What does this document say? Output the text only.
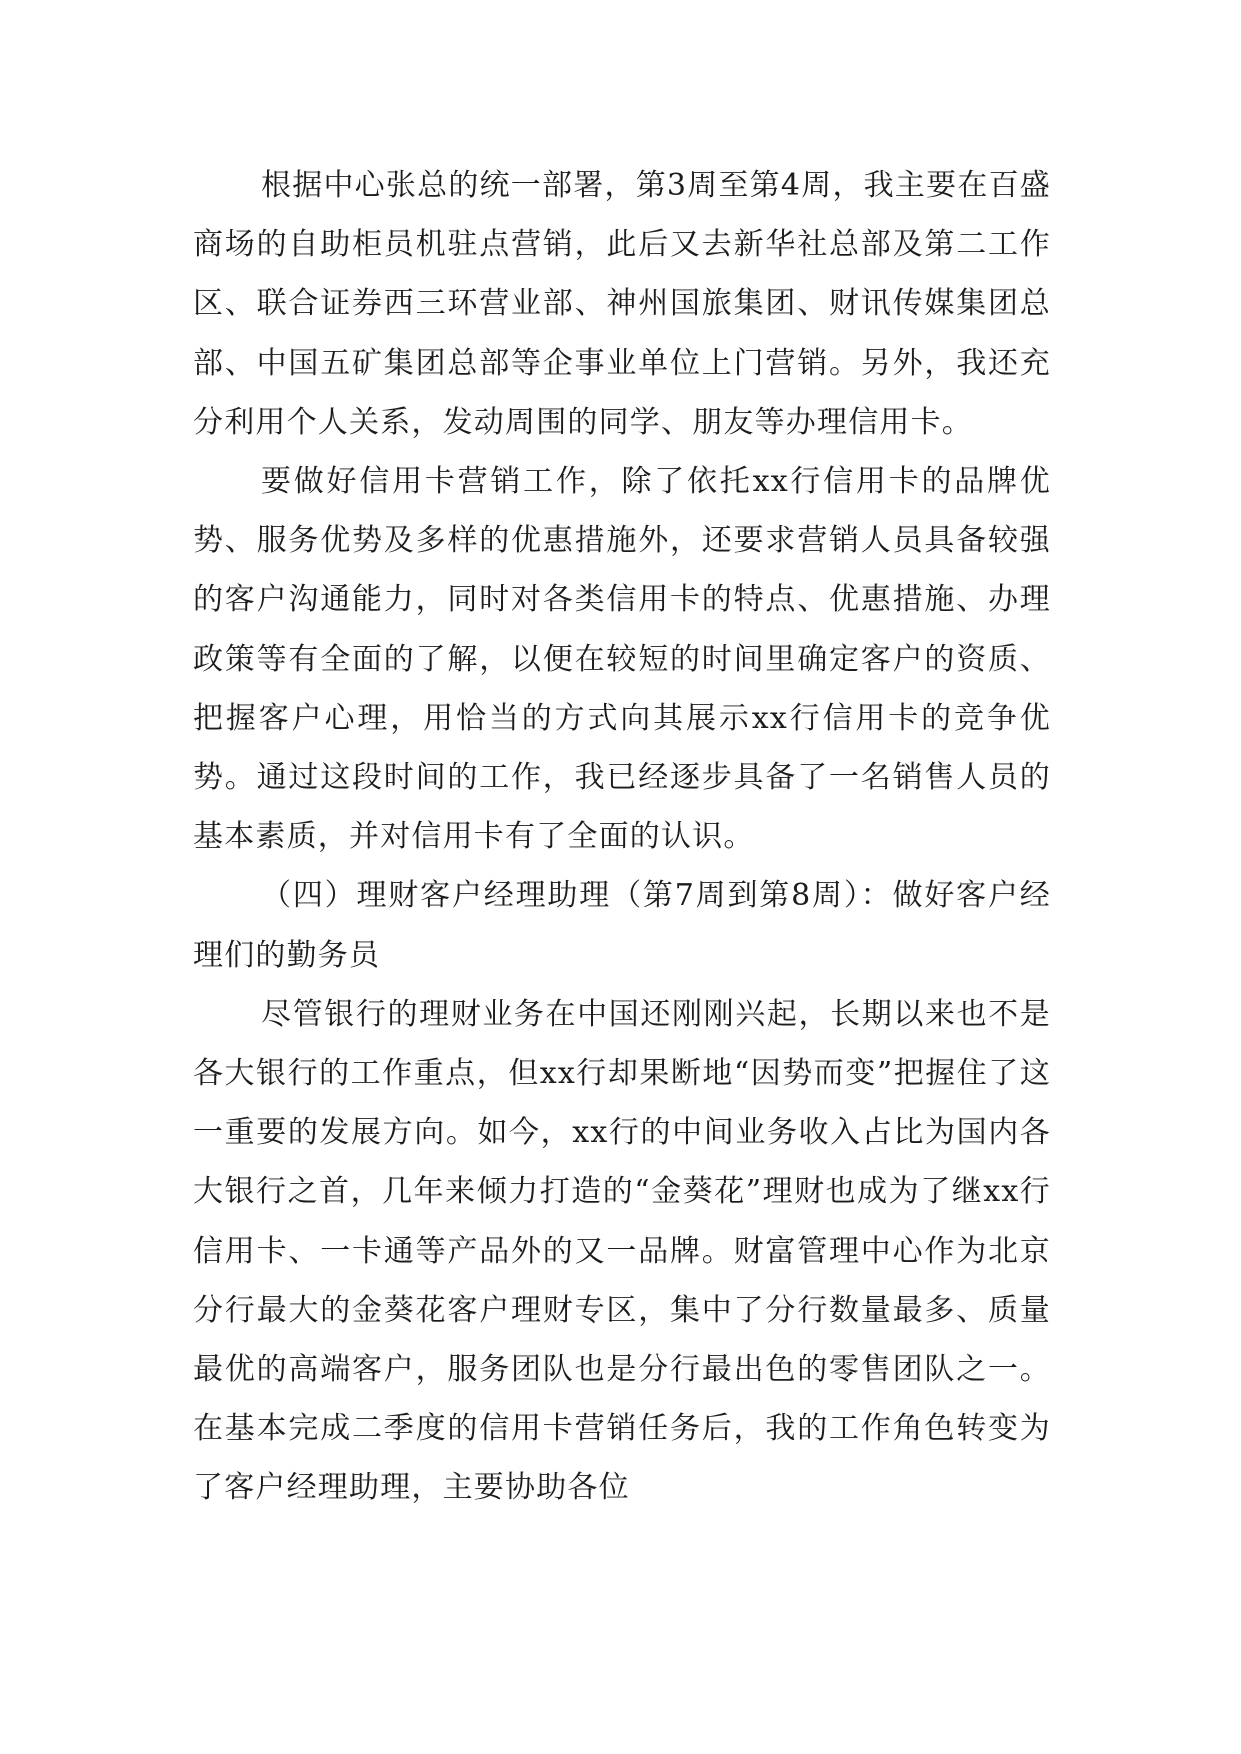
根据中心张总的统一部署，第3周至第4周，我主要在百盛商场的自助柜员机驻点营销，此后又去新华社总部及第二工作区、联合证券西三环营业部、神州国旅集团、财讯传媒集团总部、中国五矿集团总部等企事业单位上门营销。另外，我还充分利用个人关系，发动周围的同学、朋友等办理信用卡。

要做好信用卡营销工作，除了依托xx行信用卡的品牌优势、服务优势及多样的优惠措施外，还要求营销人员具备较强的客户沟通能力，同时对各类信用卡的特点、优惠措施、办理政策等有全面的了解，以便在较短的时间里确定客户的资质、把握客户心理，用恰当的方式向其展示xx行信用卡的竞争优势。通过这段时间的工作，我已经逐步具备了一名销售人员的基本素质，并对信用卡有了全面的认识。

（四）理财客户经理助理（第7周到第8周）：做好客户经理们的勤务员

尽管银行的理财业务在中国还刚刚兴起，长期以来也不是各大银行的工作重点，但xx行却果断地“因势而变”把握住了这一重要的发展方向。如今，xx行的中间业务收入占比为国内各大银行之首，几年来倾力打造的“金葵花”理财也成为了继xx行信用卡、一卡通等产品外的又一品牌。财富管理中心作为北京分行最大的金葵花客户理财专区，集中了分行数量最多、质量最优的高端客户，服务团队也是分行最出色的零售团队之一。在基本完成二季度的信用卡营销任务后，我的工作角色转变为了客户经理助理，主要协助各位
